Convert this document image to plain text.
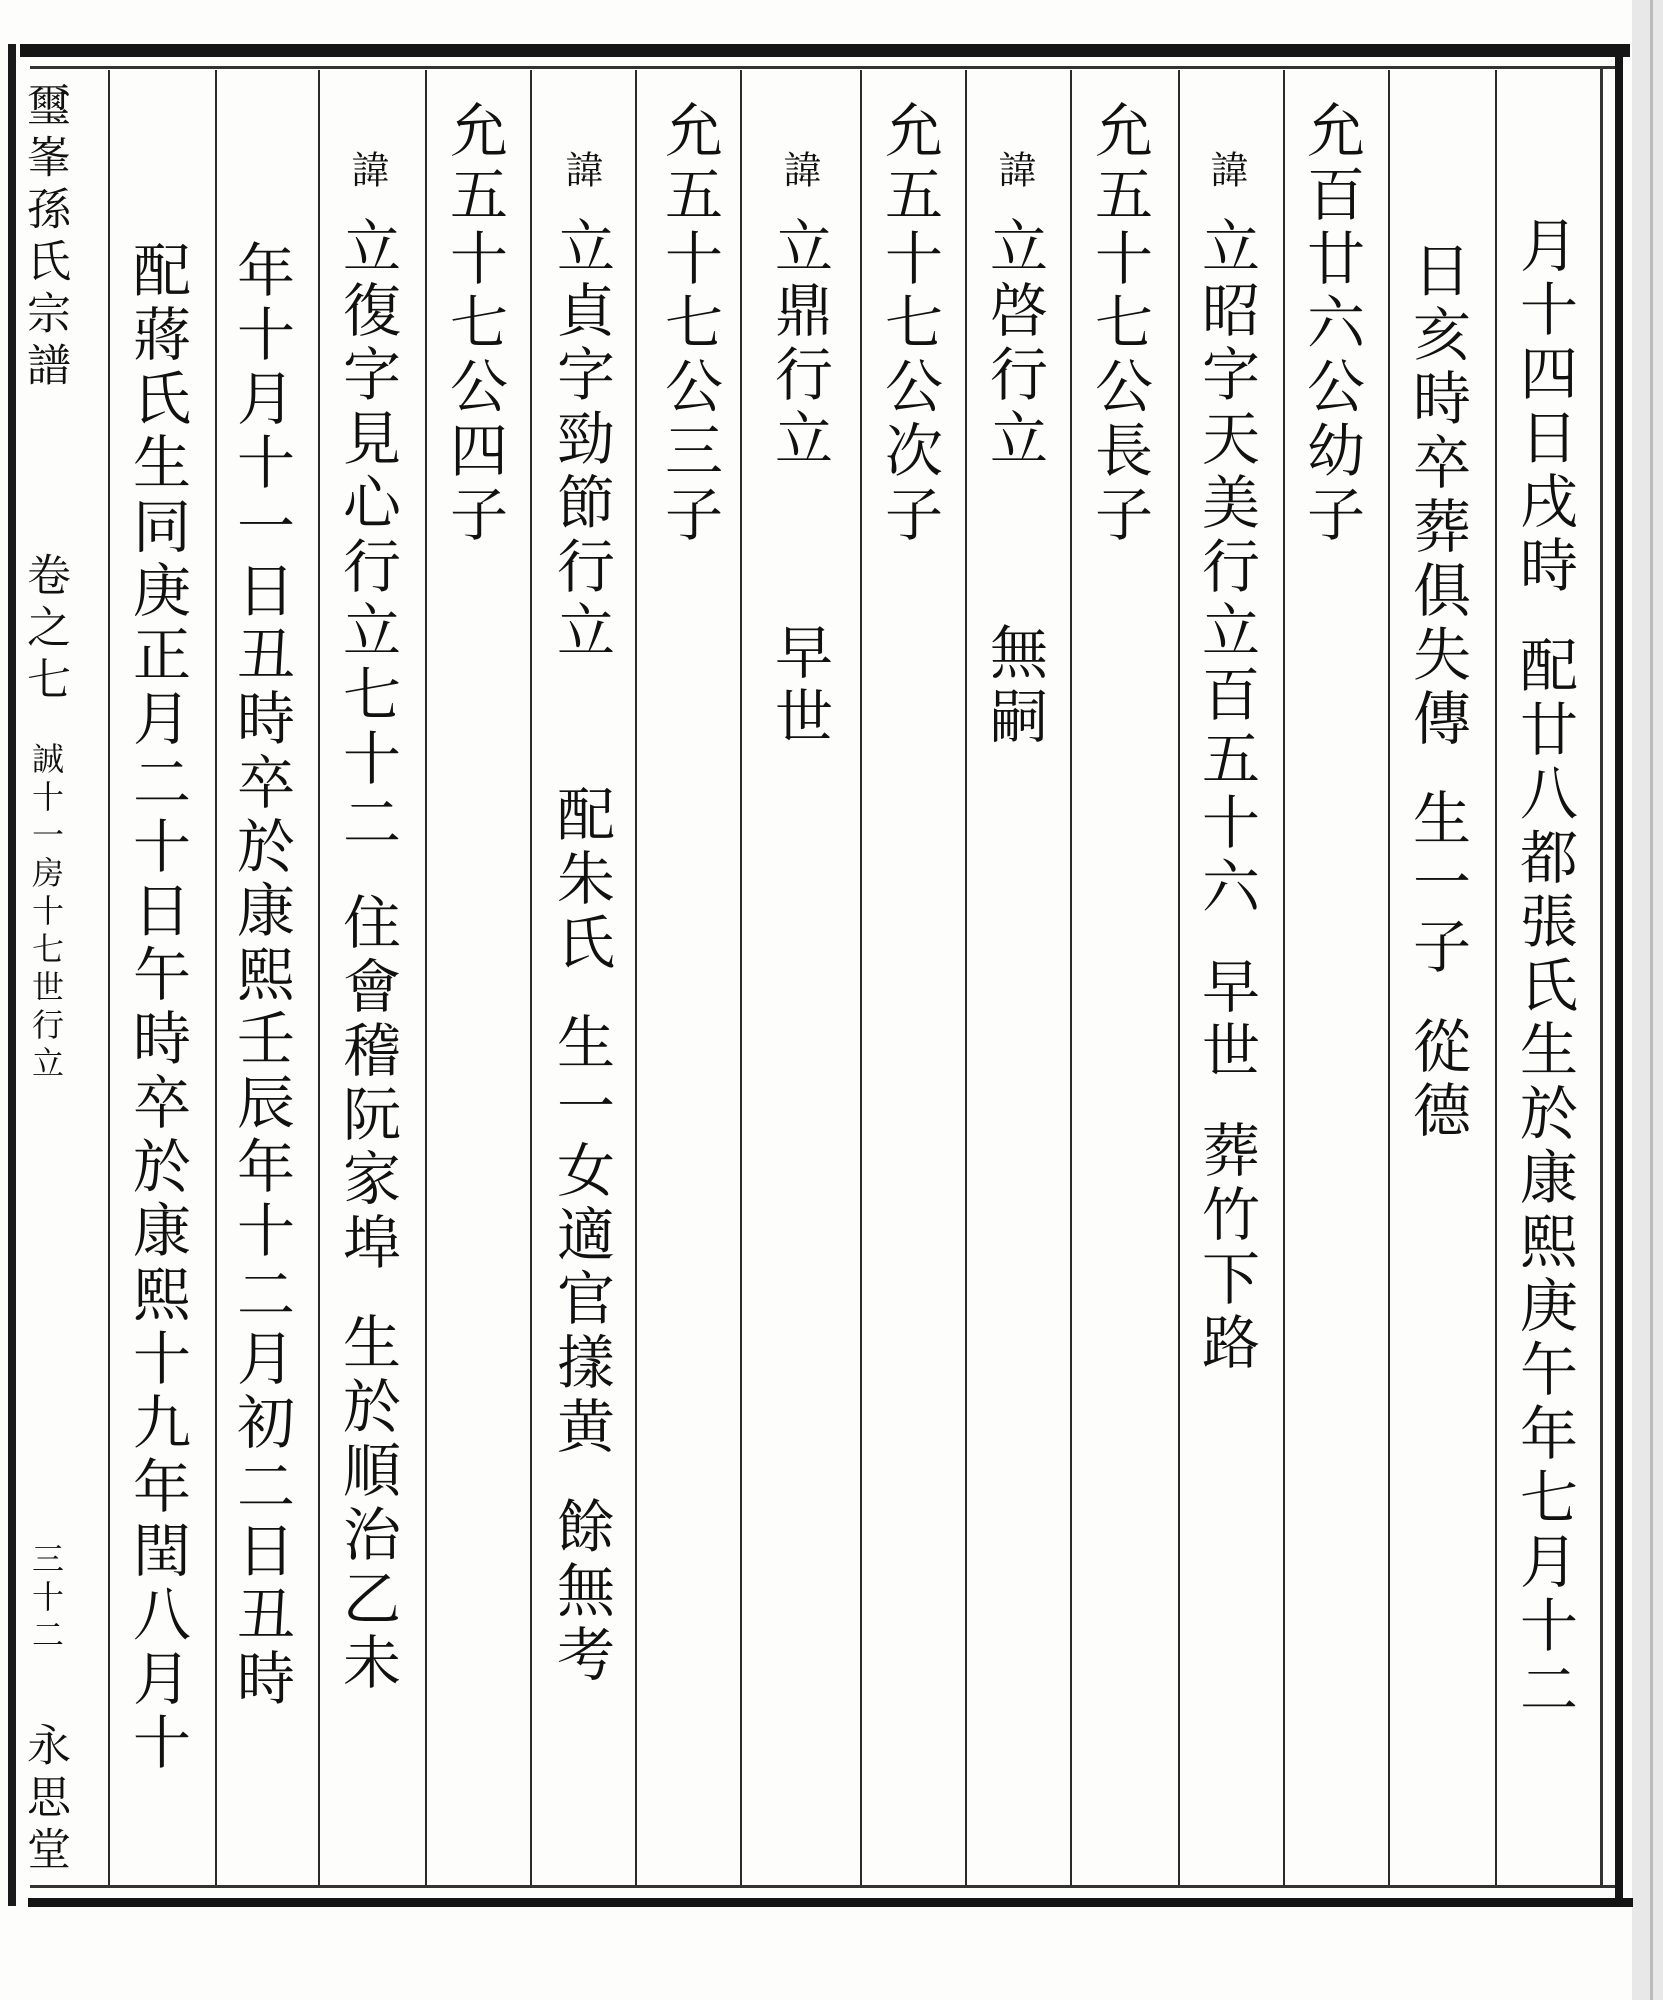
璽峯孫氏宗譜
卷之七
誠十一房十七世行立
三十二
永思堂
月十四日戌時配廿八都張氏生於康熙庚午年七月十二
日亥時卒葬俱失傳生一子從德
允百廿六公幼子
諱立昭字天美行立百五十六早世葬竹下路
允五十七公長子
諱立啓行立無嗣
允五十七公次子
諱立鼎行立早世
允五十七公三子
諱立貞字勁節行立配朱氏生一女適官㨾黄餘無考
允五十七公四子
諱立復字見心行立七十二住會稽阮家埠生於順治乙未
年十月十一日丑時卒於康熙壬辰年十二月初二日丑時
配蔣氏生同庚正月二十日午時卒於康熙十九年閏八月十
